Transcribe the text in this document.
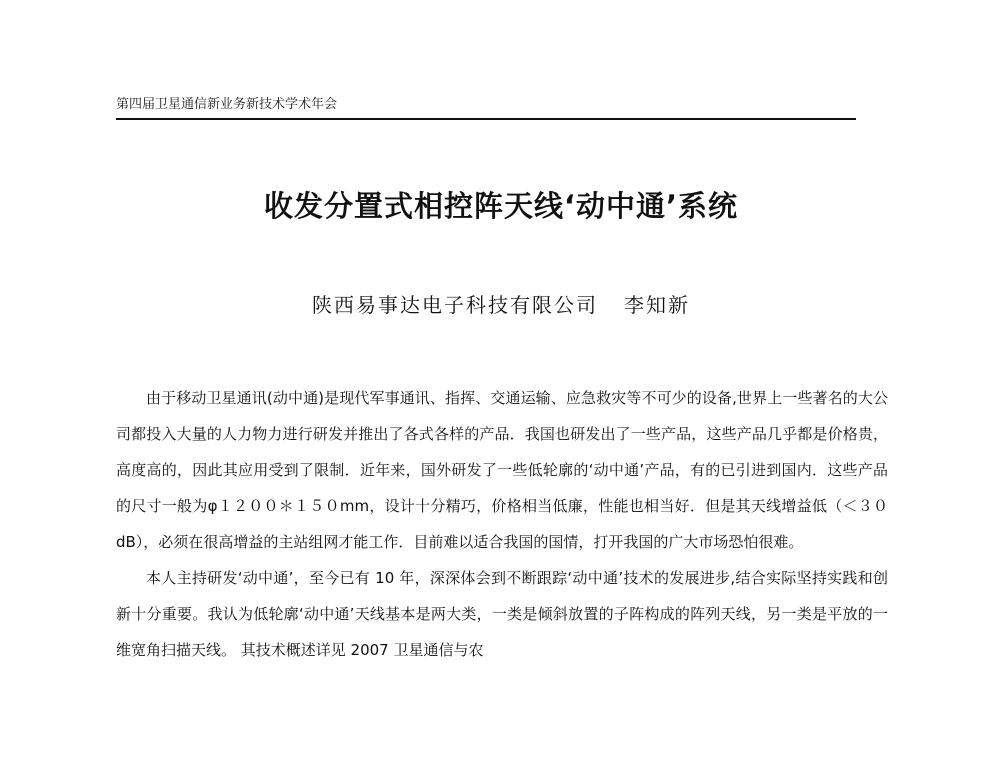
第四届卫星通信新业务新技术学术年会
收发分置式相控阵天线‘动中通’系统
陕西易事达电子科技有限公司 李知新

由于移动卫星通讯(动中通)是现代军事通讯、指挥、交通运输、应急救灾等不可少的设备,世界上一些著名的大公司都投入大量的人力物力进行研发并推出了各式各样的产品．我国也研发出了一些产品，这些产品几乎都是价格贵，高度高的，因此其应用受到了限制．近年来，国外研发了一些低轮廓的‘动中通’产品，有的已引进到国内．这些产品的尺寸一般为φ１２００＊１５０mm，设计十分精巧，价格相当低廉，性能也相当好．但是其天线增益低（＜３０dB），必须在很高增益的主站组网才能工作．目前难以适合我国的国情，打开我国的广大市场恐怕很难。

本人主持研发‘动中通’，至今已有 10 年，深深体会到不断跟踪‘动中通’技术的发展进步,结合实际坚持实践和创新十分重要。我认为低轮廓‘动中通’天线基本是两大类，一类是倾斜放置的子阵构成的阵列天线，另一类是平放的一维宽角扫描天线。 其技术概述详见 2007 卫星通信与农
